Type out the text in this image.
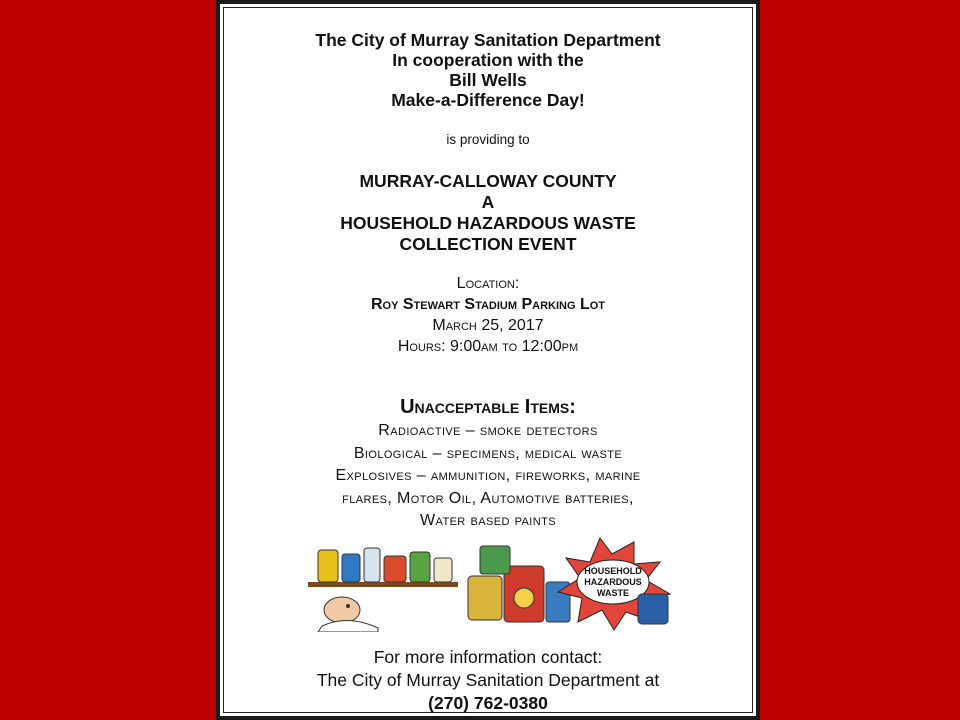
The City of Murray Sanitation Department
In cooperation with the
Bill Wells
Make-a-Difference Day!
is providing to
MURRAY-CALLOWAY COUNTY
A
HOUSEHOLD HAZARDOUS WASTE
COLLECTION EVENT
Location:
Roy Stewart Stadium Parking Lot
March 25, 2017
Hours: 9:00am to 12:00pm
Unacceptable Items:
Radioactive – smoke detectors
Biological – specimens, medical waste
Explosives – ammunition, fireworks, marine
flares, Motor Oil, Automotive batteries,
Water based paints
HOUSEHOLD
HAZARDOUS
WASTE
For more information contact:
The City of Murray Sanitation Department at
(270) 762-0380
